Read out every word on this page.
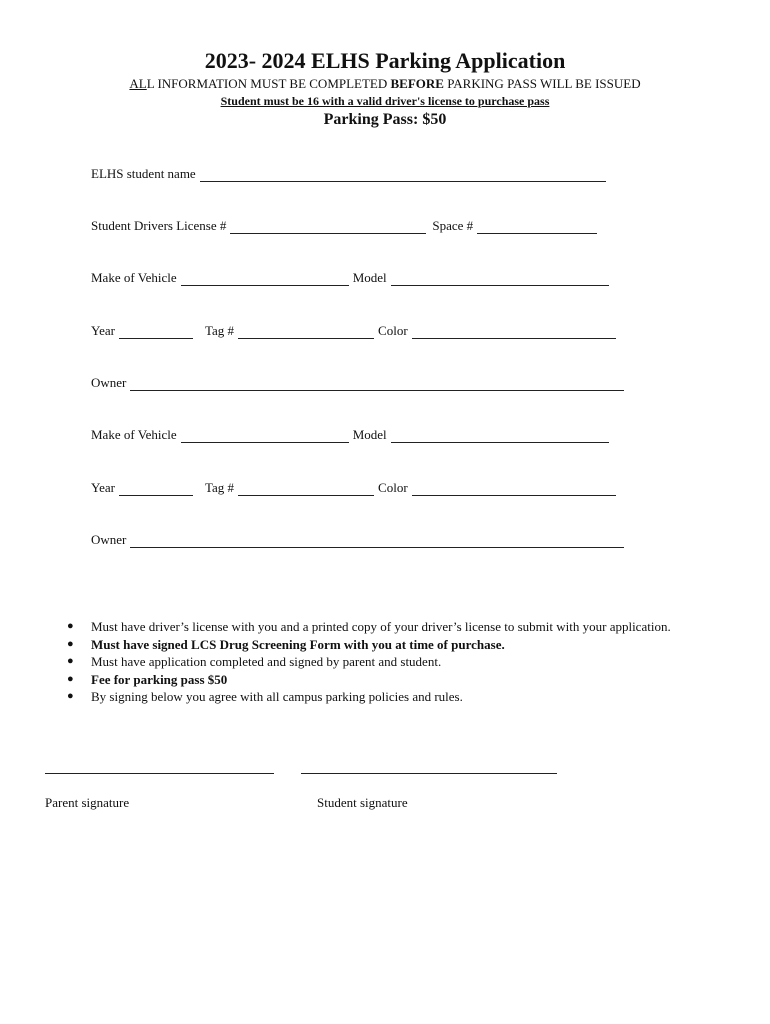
2023- 2024 ELHS Parking Application
ALL INFORMATION MUST BE COMPLETED BEFORE PARKING PASS WILL BE ISSUED
Student must be 16 with a valid driver's license to purchase pass
Parking Pass: $50
ELHS student name
Student Drivers License #	Space #
Make of Vehicle	Model
Year	Tag #	Color
Owner
Make of Vehicle	Model
Year	Tag #	Color
Owner
● Must have driver’s license with you and a printed copy of your driver’s license to submit with your application.
● Must have signed LCS Drug Screening Form with you at time of purchase.
● Must have application completed and signed by parent and student.
● Fee for parking pass $50
● By signing below you agree with all campus parking policies and rules.
Parent signature	Student signature
